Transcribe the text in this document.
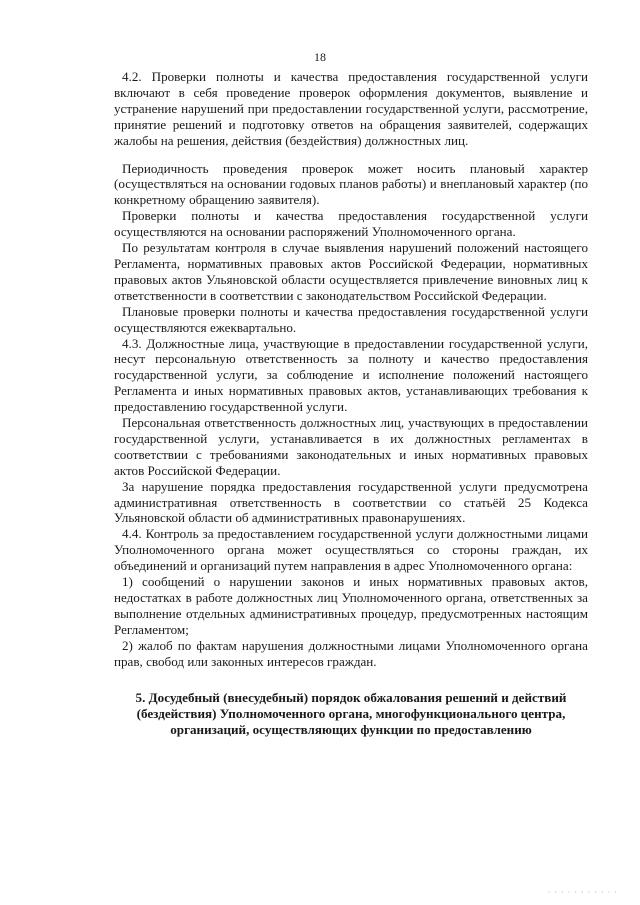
18

4.2. Проверки полноты и качества предоставления государственной услуги включают в себя проведение проверок оформления документов, выявление и устранение нарушений при предоставлении государственной услуги, рассмотрение, принятие решений и подготовку ответов на обращения заявителей, содержащих жалобы на решения, действия (бездействия) должностных лиц.

Периодичность проведения проверок может носить плановый характер (осуществляться на основании годовых планов работы) и внеплановый характер (по конкретному обращению заявителя).

Проверки полноты и качества предоставления государственной услуги осуществляются на основании распоряжений Уполномоченного органа.

По результатам контроля в случае выявления нарушений положений настоящего Регламента, нормативных правовых актов Российской Федерации, нормативных правовых актов Ульяновской области осуществляется привлечение виновных лиц к ответственности в соответствии с законодательством Российской Федерации.

Плановые проверки полноты и качества предоставления государственной услуги осуществляются ежеквартально.

4.3. Должностные лица, участвующие в предоставлении государственной услуги, несут персональную ответственность за полноту и качество предоставления государственной услуги, за соблюдение и исполнение положений настоящего Регламента и иных нормативных правовых актов, устанавливающих требования к предоставлению государственной услуги.

Персональная ответственность должностных лиц, участвующих в предоставлении государственной услуги, устанавливается в их должностных регламентах в соответствии с требованиями законодательных и иных нормативных правовых актов Российской Федерации.

За нарушение порядка предоставления государственной услуги предусмотрена административная ответственность в соответствии со статьёй 25 Кодекса Ульяновской области об административных правонарушениях.

4.4. Контроль за предоставлением государственной услуги должностными лицами Уполномоченного органа может осуществляться со стороны граждан, их объединений и организаций путем направления в адрес Уполномоченного органа:

1) сообщений о нарушении законов и иных нормативных правовых актов, недостатках в работе должностных лиц Уполномоченного органа, ответственных за выполнение отдельных административных процедур, предусмотренных настоящим Регламентом;

2) жалоб по фактам нарушения должностными лицами Уполномоченного органа прав, свобод или законных интересов граждан.

5. Досудебный (внесудебный) порядок обжалования решений и действий (бездействия) Уполномоченного органа, многофункционального центра, организаций, осуществляющих функции по предоставлению
· · · · · · · · · · ·
